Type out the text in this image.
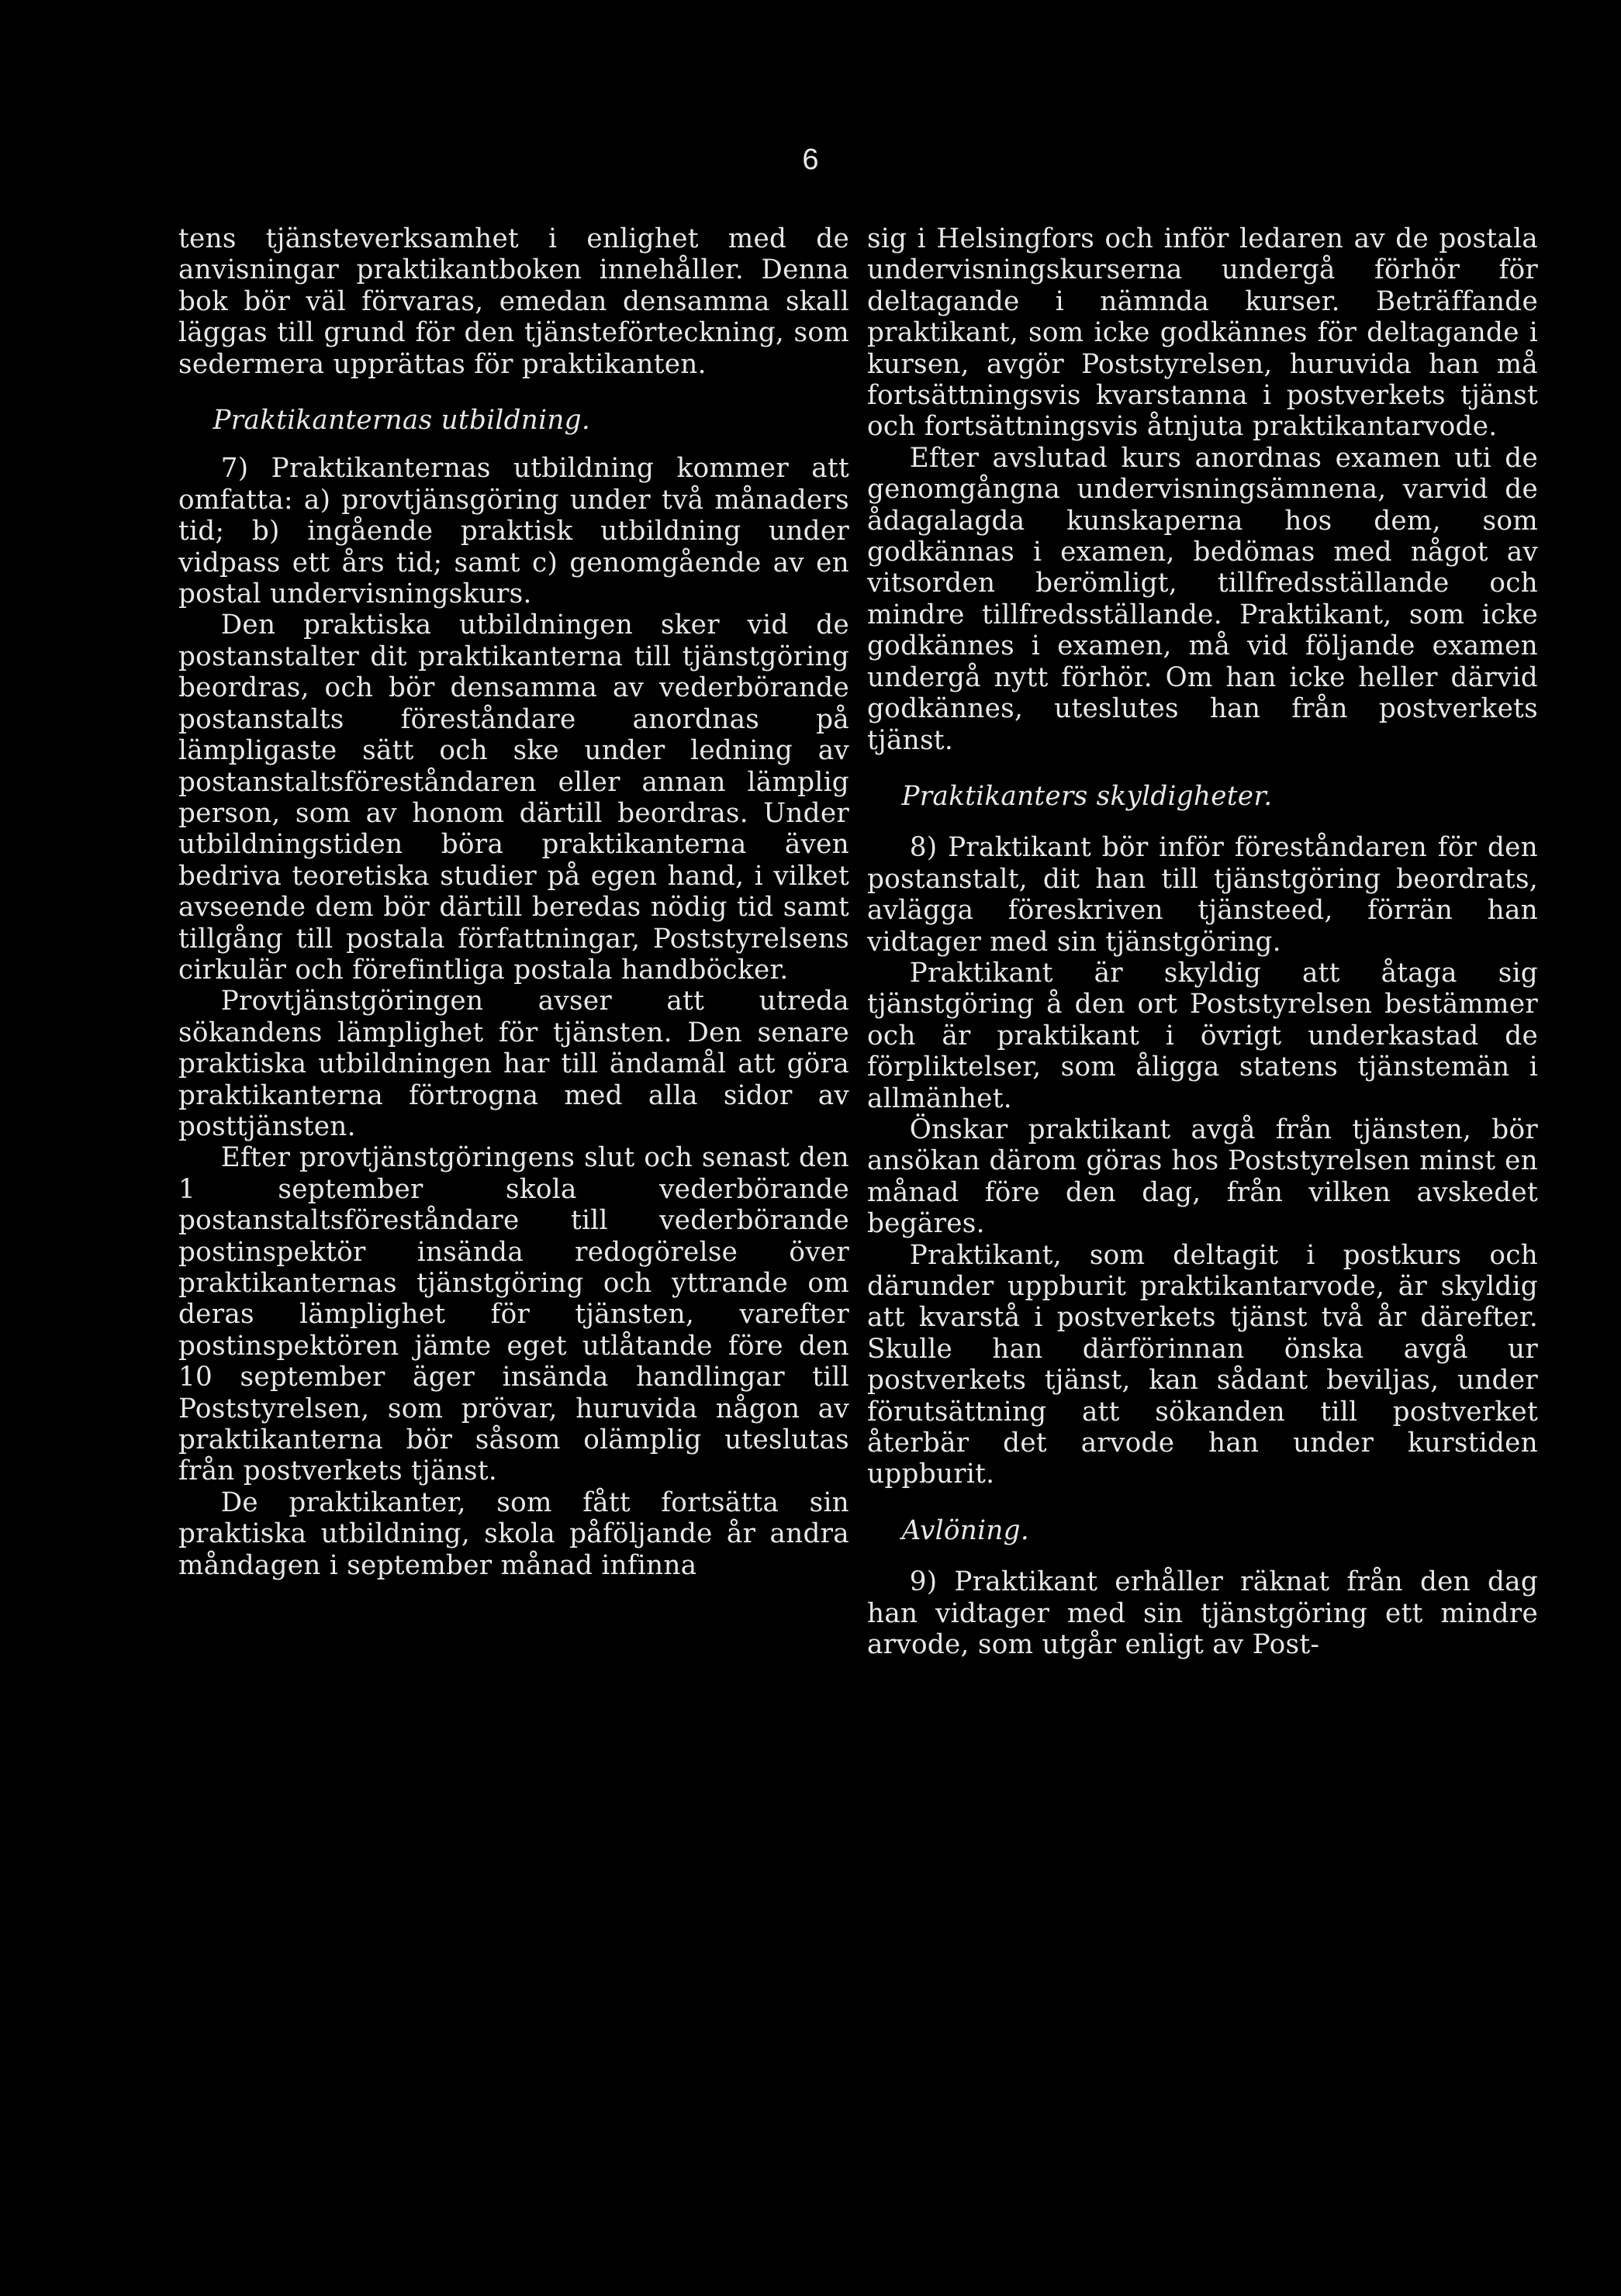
6

tens tjänsteverksamhet i enlighet med de anvisningar praktikantboken innehåller. Denna bok bör väl förvaras, emedan densamma skall läggas till grund för den tjänsteförteckning, som sedermera upprättas för praktikanten.

Praktikanternas utbildning.

7) Praktikanternas utbildning kommer att omfatta: a) provtjänsgöring under två månaders tid; b) ingående praktisk utbildning under vidpass ett års tid; samt c) genomgående av en postal undervisningskurs.

Den praktiska utbildningen sker vid de postanstalter dit praktikanterna till tjänstgöring beordras, och bör densamma av vederbörande postanstalts föreståndare anordnas på lämpligaste sätt och ske under ledning av postanstaltsföreståndaren eller annan lämplig person, som av honom därtill beordras. Under utbildningstiden böra praktikanterna även bedriva teoretiska studier på egen hand, i vilket avseende dem bör därtill beredas nödig tid samt tillgång till postala författningar, Poststyrelsens cirkulär och förefintliga postala handböcker.

Provtjänstgöringen avser att utreda sökandens lämplighet för tjänsten. Den senare praktiska utbildningen har till ändamål att göra praktikanterna förtrogna med alla sidor av posttjänsten.

Efter provtjänstgöringens slut och senast den 1 september skola vederbörande postanstaltsföreståndare till vederbörande postinspektör insända redogörelse över praktikanternas tjänstgöring och yttrande om deras lämplighet för tjänsten, varefter postinspektören jämte eget utlåtande före den 10 september äger insända handlingar till Poststyrelsen, som prövar, huruvida någon av praktikanterna bör såsom olämplig uteslutas från postverkets tjänst.

De praktikanter, som fått fortsätta sin praktiska utbildning, skola påföljande år andra måndagen i september månad infinna

sig i Helsingfors och inför ledaren av de postala undervisningskurserna undergå förhör för deltagande i nämnda kurser. Beträffande praktikant, som icke godkännes för deltagande i kursen, avgör Poststyrelsen, huruvida han må fortsättningsvis kvarstanna i postverkets tjänst och fortsättningsvis åtnjuta praktikantarvode.

Efter avslutad kurs anordnas examen uti de genomgångna undervisningsämnena, varvid de ådagalagda kunskaperna hos dem, som godkännas i examen, bedömas med något av vitsorden berömligt, tillfredsställande och mindre tillfredsställande. Praktikant, som icke godkännes i examen, må vid följande examen undergå nytt förhör. Om han icke heller därvid godkännes, uteslutes han från postverkets tjänst.

Praktikanters skyldigheter.

8) Praktikant bör inför föreståndaren för den postanstalt, dit han till tjänstgöring beordrats, avlägga föreskriven tjänsteed, förrän han vidtager med sin tjänstgöring.

Praktikant är skyldig att åtaga sig tjänstgöring å den ort Poststyrelsen bestämmer och är praktikant i övrigt underkastad de förpliktelser, som åligga statens tjänstemän i allmänhet.

Önskar praktikant avgå från tjänsten, bör ansökan därom göras hos Poststyrelsen minst en månad före den dag, från vilken avskedet begäres.

Praktikant, som deltagit i postkurs och därunder uppburit praktikantarvode, är skyldig att kvarstå i postverkets tjänst två år därefter. Skulle han därförinnan önska avgå ur postverkets tjänst, kan sådant beviljas, under förutsättning att sökanden till postverket återbär det arvode han under kurstiden uppburit.

Avlöning.

9) Praktikant erhåller räknat från den dag han vidtager med sin tjänstgöring ett mindre arvode, som utgår enligt av Post-
